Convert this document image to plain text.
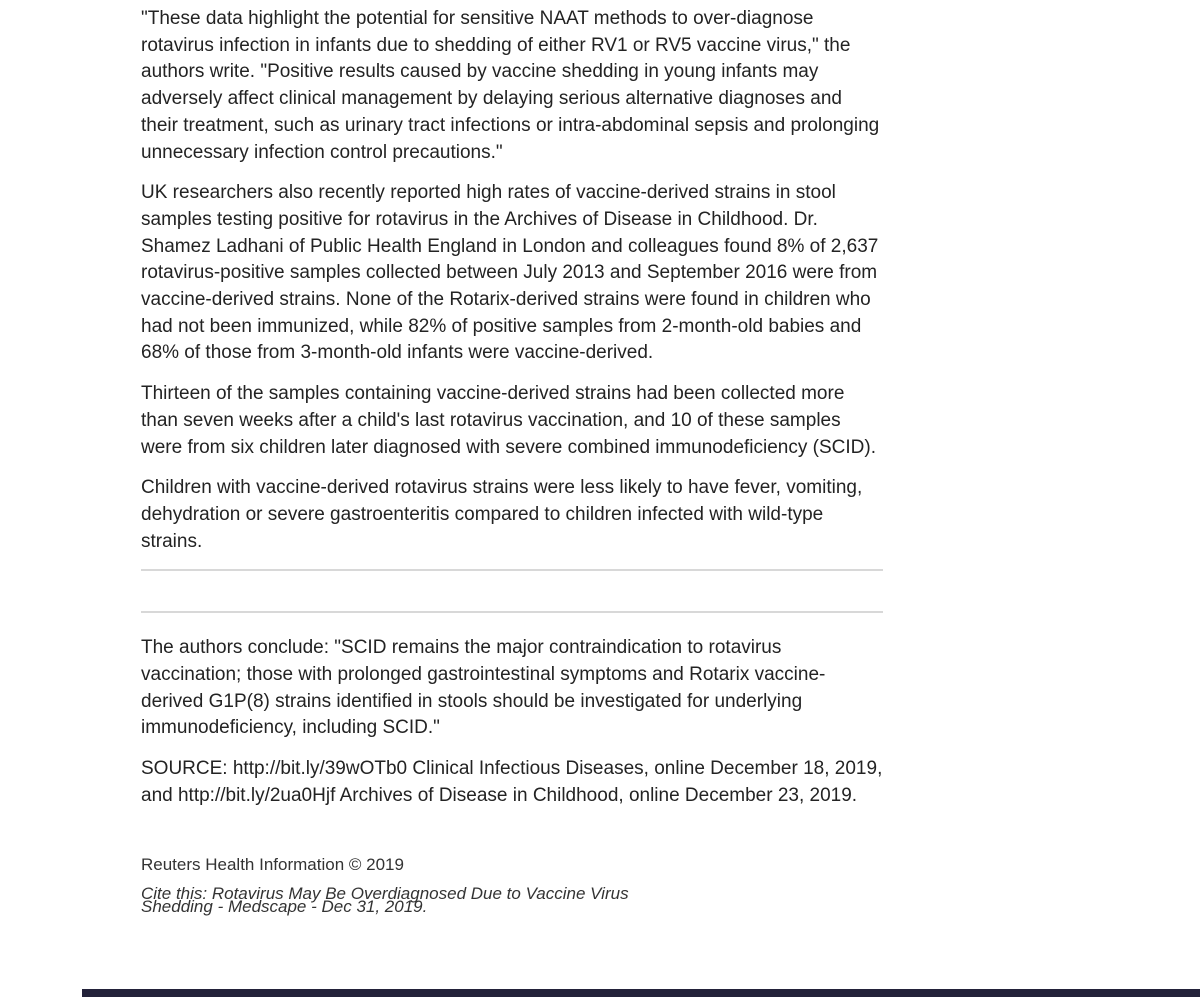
"These data highlight the potential for sensitive NAAT methods to over-diagnose rotavirus infection in infants due to shedding of either RV1 or RV5 vaccine virus," the authors write. "Positive results caused by vaccine shedding in young infants may adversely affect clinical management by delaying serious alternative diagnoses and their treatment, such as urinary tract infections or intra-abdominal sepsis and prolonging unnecessary infection control precautions."

UK researchers also recently reported high rates of vaccine-derived strains in stool samples testing positive for rotavirus in the Archives of Disease in Childhood. Dr. Shamez Ladhani of Public Health England in London and colleagues found 8% of 2,637 rotavirus-positive samples collected between July 2013 and September 2016 were from vaccine-derived strains. None of the Rotarix-derived strains were found in children who had not been immunized, while 82% of positive samples from 2-month-old babies and 68% of those from 3-month-old infants were vaccine-derived.

Thirteen of the samples containing vaccine-derived strains had been collected more than seven weeks after a child's last rotavirus vaccination, and 10 of these samples were from six children later diagnosed with severe combined immunodeficiency (SCID).

Children with vaccine-derived rotavirus strains were less likely to have fever, vomiting, dehydration or severe gastroenteritis compared to children infected with wild-type strains.

The authors conclude: "SCID remains the major contraindication to rotavirus vaccination; those with prolonged gastrointestinal symptoms and Rotarix vaccine-derived G1P(8) strains identified in stools should be investigated for underlying immunodeficiency, including SCID."

SOURCE: http://bit.ly/39wOTb0 Clinical Infectious Diseases, online December 18, 2019, and http://bit.ly/2ua0Hjf Archives of Disease in Childhood, online December 23, 2019.

Reuters Health Information © 2019
Cite this: Rotavirus May Be Overdiagnosed Due to Vaccine Virus Shedding - Medscape - Dec 31, 2019.
